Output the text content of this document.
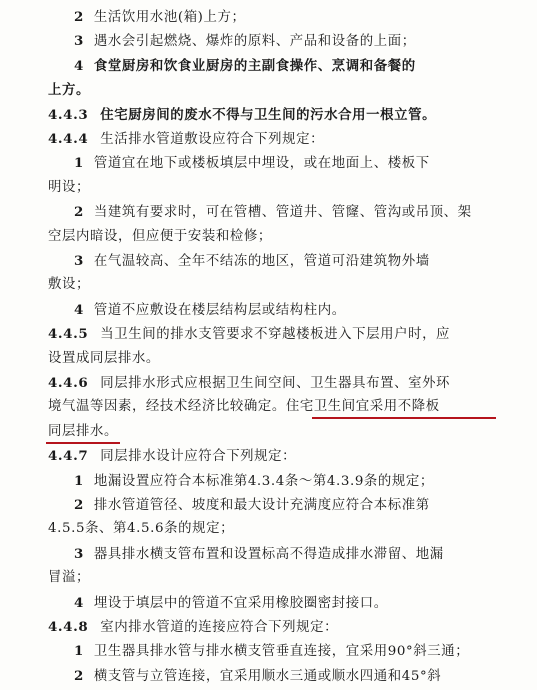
2 生活饮用水池(箱)上方；
3 遇水会引起燃烧、爆炸的原料、产品和设备的上面；
4 食堂厨房和饮食业厨房的主副食操作、烹调和备餐的
上方。
4.4.3 住宅厨房间的废水不得与卫生间的污水合用一根立管。
4.4.4 生活排水管道敷设应符合下列规定：
1 管道宜在地下或楼板填层中埋设，或在地面上、楼板下
明设；
2 当建筑有要求时，可在管槽、管道井、管窿、管沟或吊顶、架
空层内暗设，但应便于安装和检修；
3 在气温较高、全年不结冻的地区，管道可沿建筑物外墙
敷设；
4 管道不应敷设在楼层结构层或结构柱内。
4.4.5 当卫生间的排水支管要求不穿越楼板进入下层用户时，应
设置成同层排水。
4.4.6 同层排水形式应根据卫生间空间、卫生器具布置、室外环
境气温等因素，经技术经济比较确定。住宅卫生间宜采用不降板
同层排水。
4.4.7 同层排水设计应符合下列规定：
1 地漏设置应符合本标准第4.3.4条～第4.3.9条的规定；
2 排水管道管径、坡度和最大设计充满度应符合本标准第
4.5.5条、第4.5.6条的规定；
3 器具排水横支管布置和设置标高不得造成排水滞留、地漏
冒溢；
4 埋设于填层中的管道不宜采用橡胶圈密封接口。
4.4.8 室内排水管道的连接应符合下列规定：
1 卫生器具排水管与排水横支管垂直连接，宜采用90°斜三通；
2 横支管与立管连接，宜采用顺水三通或顺水四通和45°斜
